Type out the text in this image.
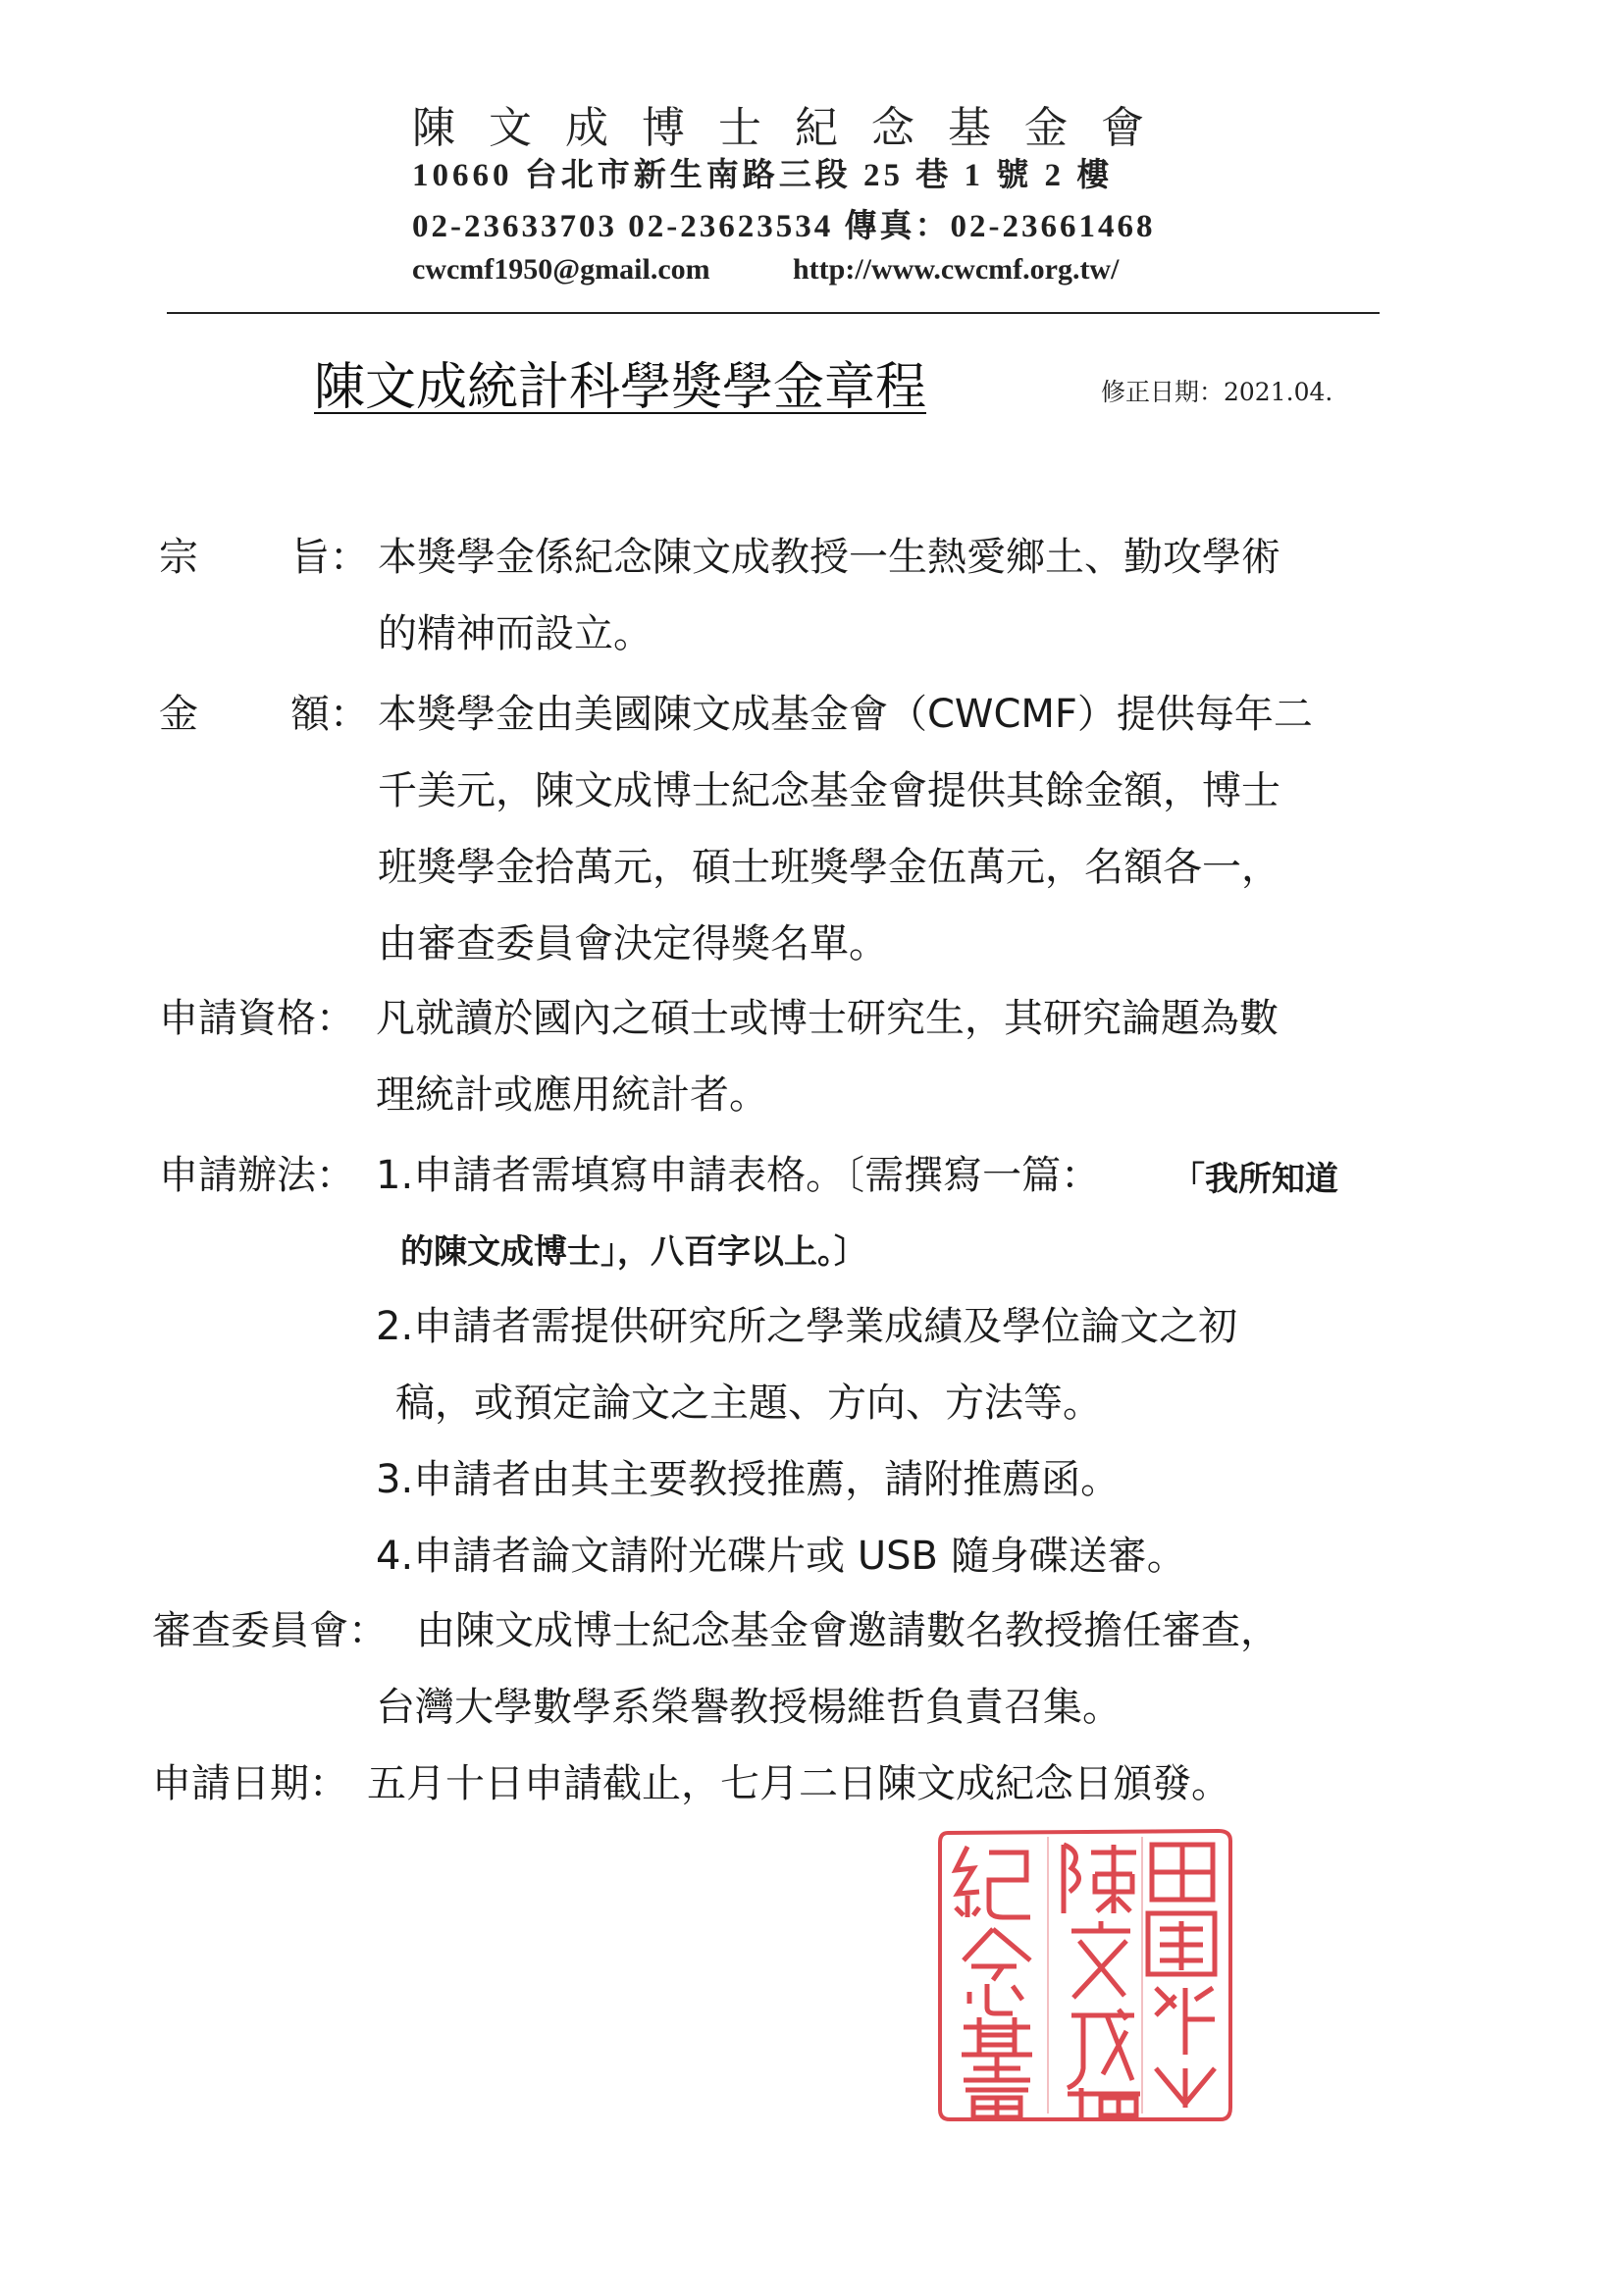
陳文成博士紀念基金會
10660 台北市新生南路三段 25 巷 1 號 2 樓
02-23633703 02-23623534 傳真：02-23661468
cwcmf1950@gmail.com	http://www.cwcmf.org.tw/
陳文成統計科學獎學金章程	修正日期：2021.04.
宗 旨： 本獎學金係紀念陳文成教授一生熱愛鄉土、勤攻學術
的精神而設立。
金 額： 本獎學金由美國陳文成基金會（CWCMF）提供每年二
千美元，陳文成博士紀念基金會提供其餘金額，博士
班獎學金拾萬元，碩士班獎學金伍萬元，名額各一，
由審查委員會決定得獎名單。
申請資格： 凡就讀於國內之碩士或博士研究生，其研究論題為數
理統計或應用統計者。
申請辦法： 1.申請者需填寫申請表格。〔需撰寫一篇： 「我所知道
的陳文成博士」，八百字以上。〕
2.申請者需提供研究所之學業成績及學位論文之初
稿，或預定論文之主題、方向、方法等。
3.申請者由其主要教授推薦，請附推薦函。
4.申請者論文請附光碟片或 USB 隨身碟送審。
審查委員會： 由陳文成博士紀念基金會邀請數名教授擔任審查，
台灣大學數學系榮譽教授楊維哲負責召集。
申請日期： 五月十日申請截止，七月二日陳文成紀念日頒發。
